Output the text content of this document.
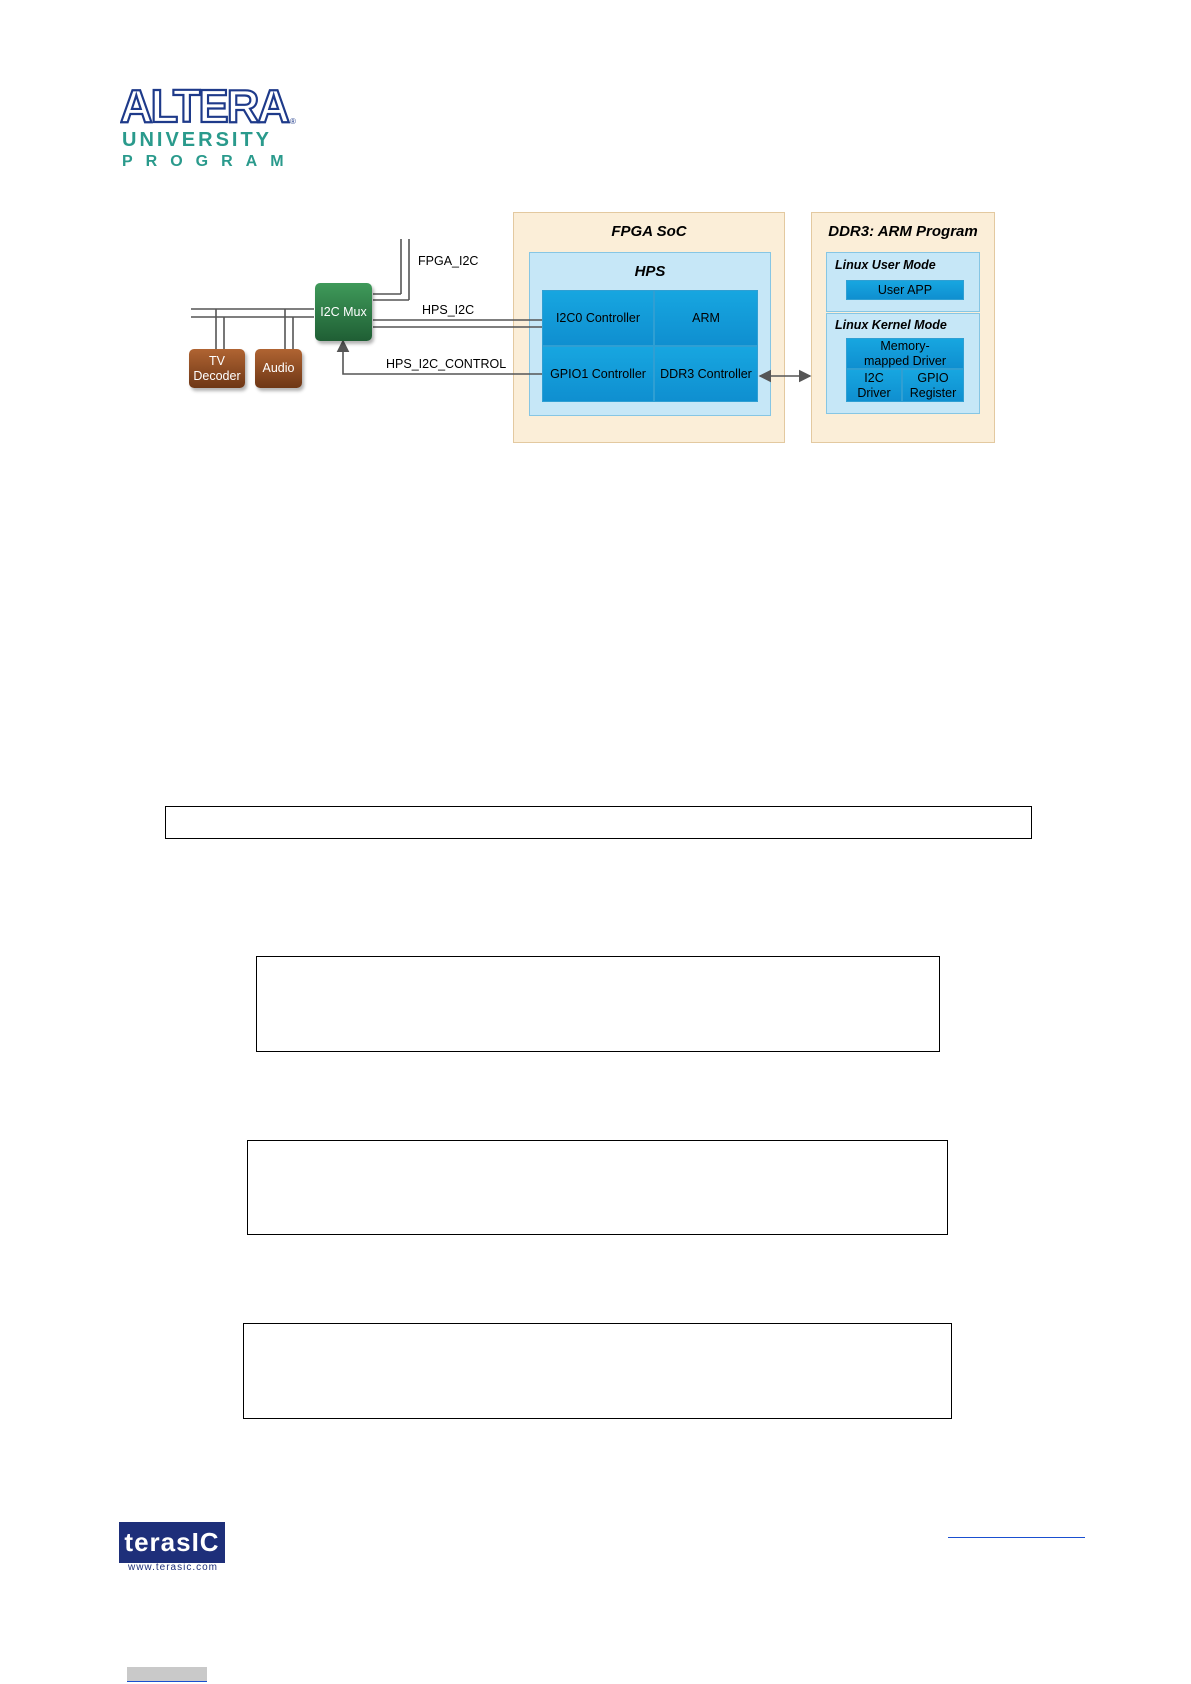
ALTERA ®
UNIVERSITY
PROGRAM
FPGA SoC
HPS
I2C0 Controller	ARM
GPIO1 Controller	DDR3 Controller
DDR3: ARM Program
Linux User Mode
User APP
Linux Kernel Mode
Memory-mapped Driver
I2C Driver
GPIO Register
FPGA_I2C
HPS_I2C
HPS_I2C_CONTROL
I2C Mux
TV Decoder
Audio
terasIC
www.terasic.com
